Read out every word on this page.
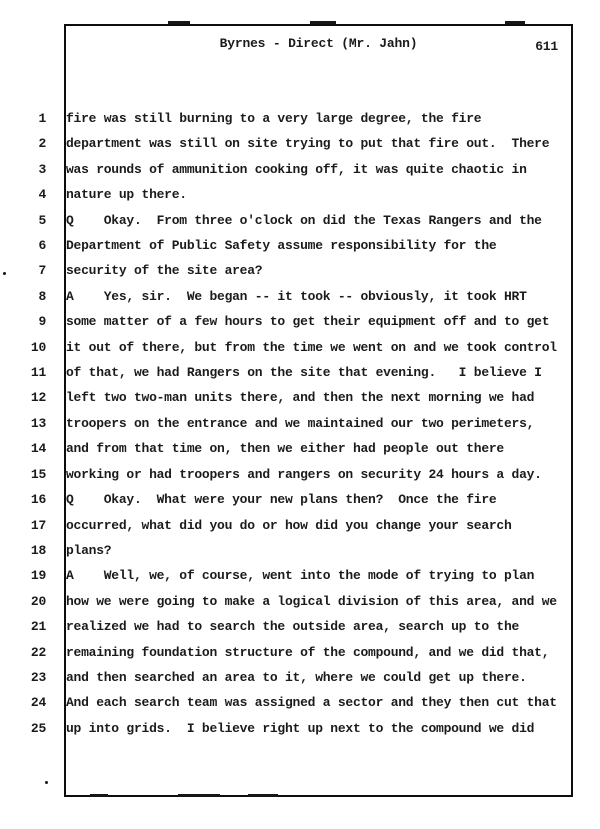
Byrnes - Direct (Mr. Jahn)	611
1 fire was still burning to a very large degree, the fire
2 department was still on site trying to put that fire out.  There
3 was rounds of ammunition cooking off, it was quite chaotic in
4 nature up there.
5 Q    Okay.  From three o'clock on did the Texas Rangers and the
6 Department of Public Safety assume responsibility for the
7 security of the site area?
8 A    Yes, sir.  We began -- it took -- obviously, it took HRT
9 some matter of a few hours to get their equipment off and to get
10 it out of there, but from the time we went on and we took control
11 of that, we had Rangers on the site that evening.   I believe I
12 left two two-man units there, and then the next morning we had
13 troopers on the entrance and we maintained our two perimeters,
14 and from that time on, then we either had people out there
15 working or had troopers and rangers on security 24 hours a day.
16 Q    Okay.  What were your new plans then?  Once the fire
17 occurred, what did you do or how did you change your search
18 plans?
19 A    Well, we, of course, went into the mode of trying to plan
20 how we were going to make a logical division of this area, and we
21 realized we had to search the outside area, search up to the
22 remaining foundation structure of the compound, and we did that,
23 and then searched an area to it, where we could get up there.
24 And each search team was assigned a sector and they then cut that
25 up into grids.  I believe right up next to the compound we did
